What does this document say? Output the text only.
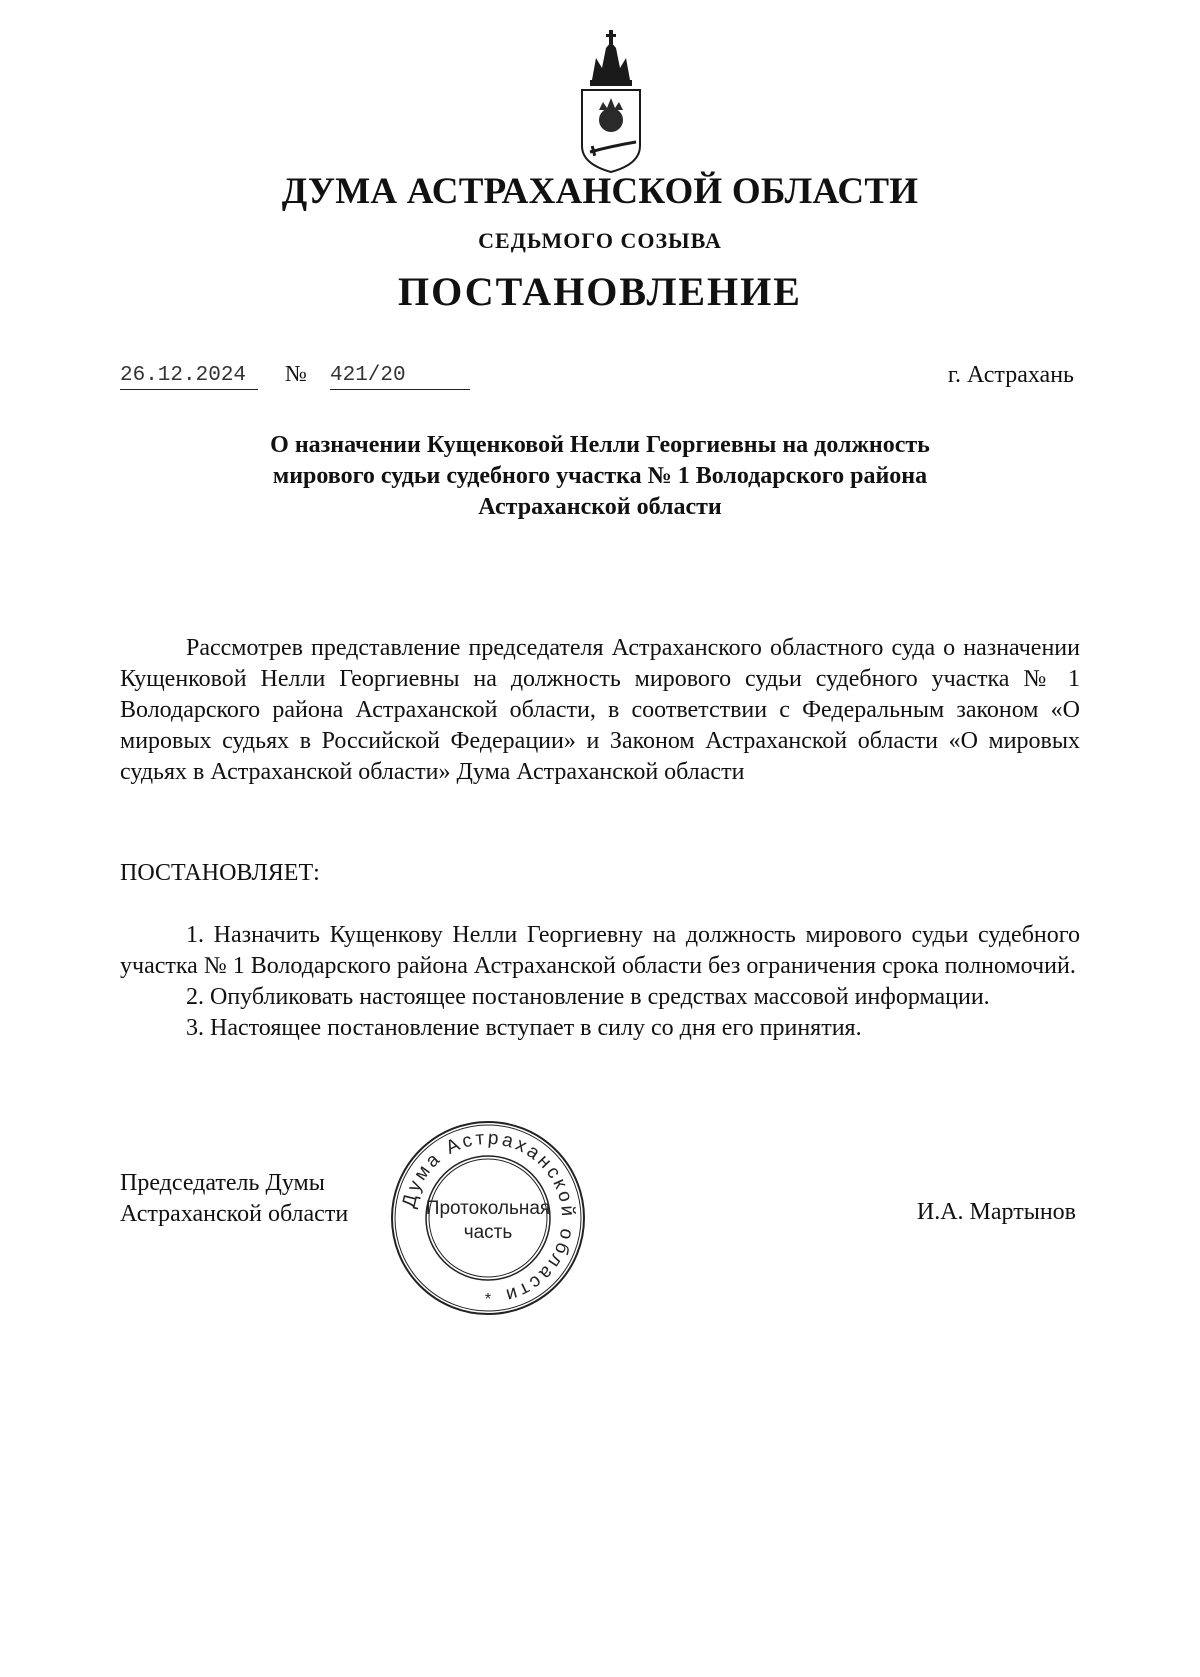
ДУМА АСТРАХАНСКОЙ ОБЛАСТИ
СЕДЬМОГО СОЗЫВА
ПОСТАНОВЛЕНИЕ
26.12.2024	№ 421/20	г. Астрахань
О назначении Кущенковой Нелли Георгиевны на должность
мирового судьи судебного участка № 1 Володарского района
Астраханской области
Рассмотрев представление председателя Астраханского областного суда о назначении Кущенковой Нелли Георгиевны на должность мирового судьи судебного участка № 1 Володарского района Астраханской области, в соответствии с Федеральным законом «О мировых судьях в Российской Федерации» и Законом Астраханской области «О мировых судьях в Астраханской области» Дума Астраханской области
ПОСТАНОВЛЯЕТ:

1. Назначить Кущенкову Нелли Георгиевну на должность мирового судьи судебного участка № 1 Володарского района Астраханской области без ограничения срока полномочий.

2. Опубликовать настоящее постановление в средствах массовой информации.

3. Настоящее постановление вступает в силу со дня его принятия.

Председатель Думы
Астраханской области	И.А. Мартынов
Дума Астраханской области
Протокольная
часть
*
